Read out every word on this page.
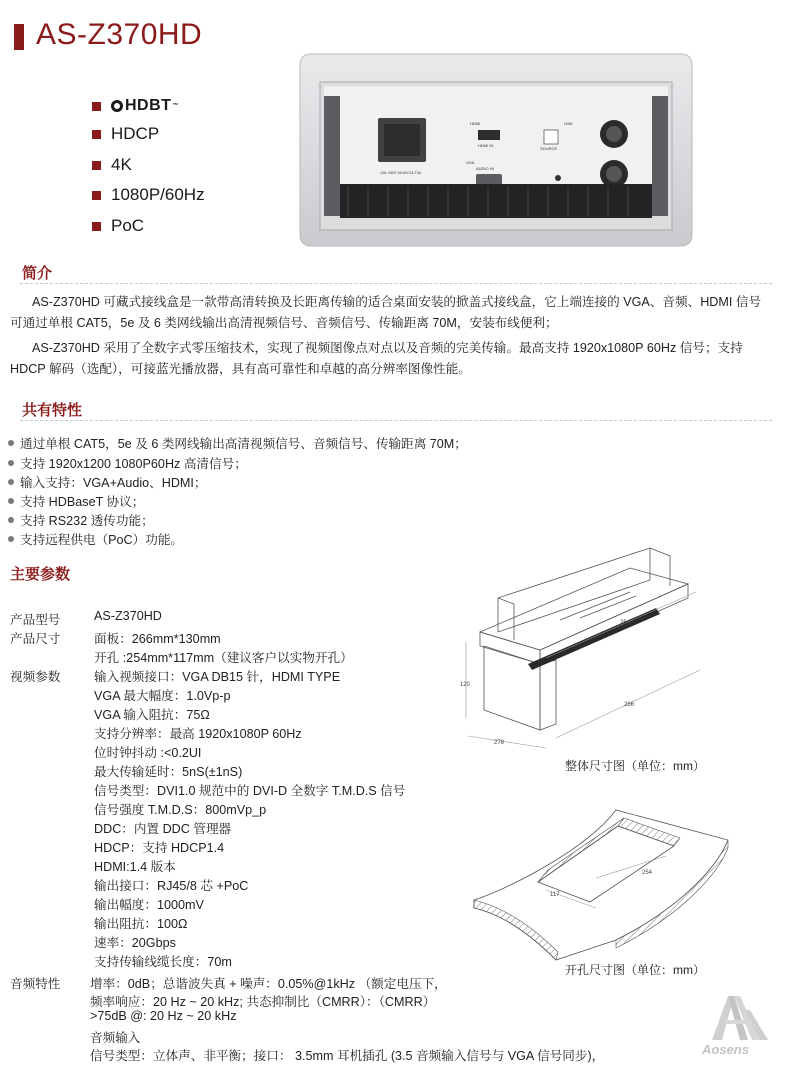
AS-Z370HD
HDBT ™
HDCP
4K
1080P/60Hz
PoC
HDMI
HDMI IN
VGA
AUDIO IN
LINK
SOURCE
10A~250V 16/16V/14-T3A
简介
AS-Z370HD 可藏式接线盒是一款带高清转换及长距离传输的适合桌面安装的掀盖式接线盒，它上端连接的 VGA、音频、HDMI 信号
可通过单根 CAT5，5e 及 6 类网线输出高清视频信号、音频信号、传输距离 70M，安装布线便利；
AS-Z370HD 采用了全数字式零压缩技术，实现了视频图像点对点以及音频的完美传输。最高支持 1920x1080P 60Hz 信号；支持
HDCP 解码（选配），可接蓝光播放器，具有高可靠性和卓越的高分辨率图像性能。
共有特性
通过单根 CAT5，5e 及 6 类网线输出高清视频信号、音频信号、传输距离 70M；
支持 1920x1200 1080P60Hz 高清信号；
输入支持：VGA+Audio、HDMI；
支持 HDBaseT 协议；
支持 RS232 透传功能；
支持远程供电（PoC）功能。
主要参数
产品型号	AS-Z370HD
产品尺寸	面板：266mm*130mm
开孔 :254mm*117mm（建议客户以实物开孔）
视频参数	输入视频接口：VGA DB15 针，HDMI TYPE
VGA 最大幅度：1.0Vp-p
VGA 输入阻抗：75Ω
支持分辨率：最高 1920x1080P 60Hz
位时钟抖动 :<0.2UI
最大传输延时：5nS(±1nS)
信号类型：DVI1.0 规范中的 DVI-D 全数字 T.M.D.S 信号
信号强度 T.M.D.S：800mVp_p
DDC：内置 DDC 管理器
HDCP：支持 HDCP1.4
HDMI:1.4 版本
输出接口：RJ45/8 芯 +PoC
输出幅度：1000mV
输出阻抗：100Ω
速率：20Gbps
支持传输线缆长度：70m
音频特性 增率：0dB；总谐波失真 + 噪声：0.05%@1kHz （额定电压下，
频率响应：20 Hz ~ 20 kHz; 共态抑制比（CMRR）：（CMRR）
>75dB @: 20 Hz ~ 20 kHz
音频输入
信号类型：立体声、非平衡；接口： 3.5mm 耳机插孔 (3.5 音频输入信号与 VGA 信号同步)，
120
278
266
254
整体尺寸图（单位：mm）
117
254
开孔尺寸图（单位：mm）
Aosens
